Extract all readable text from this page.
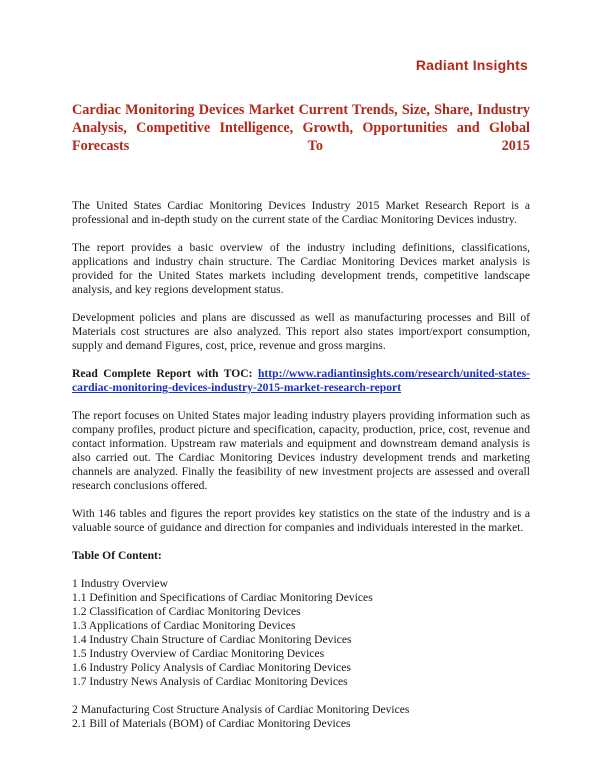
Radiant Insights
Cardiac Monitoring Devices Market Current Trends, Size, Share, Industry Analysis, Competitive Intelligence, Growth, Opportunities and Global Forecasts To 2015

The United States Cardiac Monitoring Devices Industry 2015 Market Research Report is a professional and in-depth study on the current state of the Cardiac Monitoring Devices industry.

The report provides a basic overview of the industry including definitions, classifications, applications and industry chain structure. The Cardiac Monitoring Devices market analysis is provided for the United States markets including development trends, competitive landscape analysis, and key regions development status.

Development policies and plans are discussed as well as manufacturing processes and Bill of Materials cost structures are also analyzed. This report also states import/export consumption, supply and demand Figures, cost, price, revenue and gross margins.

Read Complete Report with TOC: http://www.radiantinsights.com/research/united-states-cardiac-monitoring-devices-industry-2015-market-research-report

The report focuses on United States major leading industry players providing information such as company profiles, product picture and specification, capacity, production, price, cost, revenue and contact information. Upstream raw materials and equipment and downstream demand analysis is also carried out. The Cardiac Monitoring Devices industry development trends and marketing channels are analyzed. Finally the feasibility of new investment projects are assessed and overall research conclusions offered.

With 146 tables and figures the report provides key statistics on the state of the industry and is a valuable source of guidance and direction for companies and individuals interested in the market.

Table Of Content:
1 Industry Overview
1.1 Definition and Specifications of Cardiac Monitoring Devices
1.2 Classification of Cardiac Monitoring Devices
1.3 Applications of Cardiac Monitoring Devices
1.4 Industry Chain Structure of Cardiac Monitoring Devices
1.5 Industry Overview of Cardiac Monitoring Devices
1.6 Industry Policy Analysis of Cardiac Monitoring Devices
1.7 Industry News Analysis of Cardiac Monitoring Devices
2 Manufacturing Cost Structure Analysis of Cardiac Monitoring Devices
2.1 Bill of Materials (BOM) of Cardiac Monitoring Devices
